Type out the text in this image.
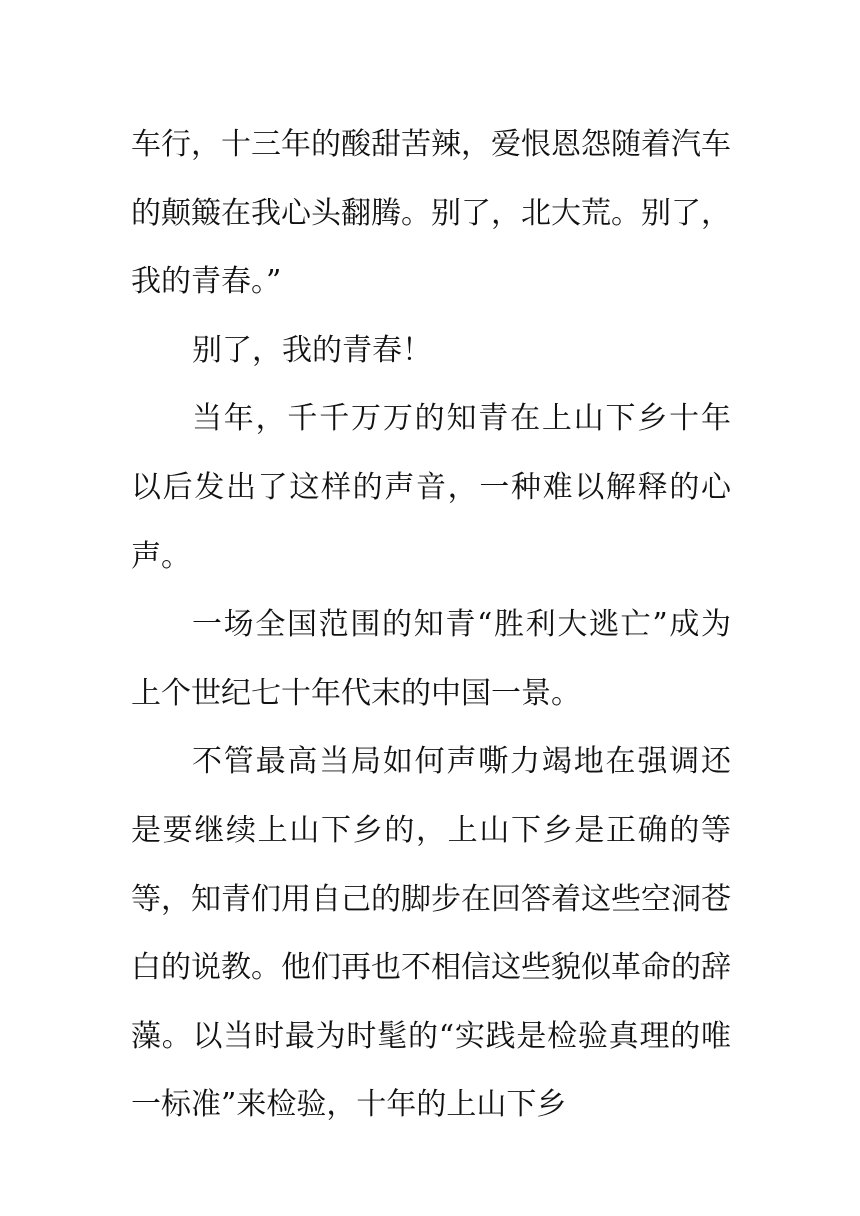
车行，十三年的酸甜苦辣，爱恨恩怨随着汽车的颠簸在我心头翻腾。别了，北大荒。别了，我的青春。”

别了，我的青春！

当年，千千万万的知青在上山下乡十年以后发出了这样的声音，一种难以解释的心声。

一场全国范围的知青“胜利大逃亡”成为上个世纪七十年代末的中国一景。

不管最高当局如何声嘶力竭地在强调还是要继续上山下乡的，上山下乡是正确的等等，知青们用自己的脚步在回答着这些空洞苍白的说教。他们再也不相信这些貌似革命的辞藻。以当时最为时髦的“实践是检验真理的唯一标准”来检验，十年的上山下乡
